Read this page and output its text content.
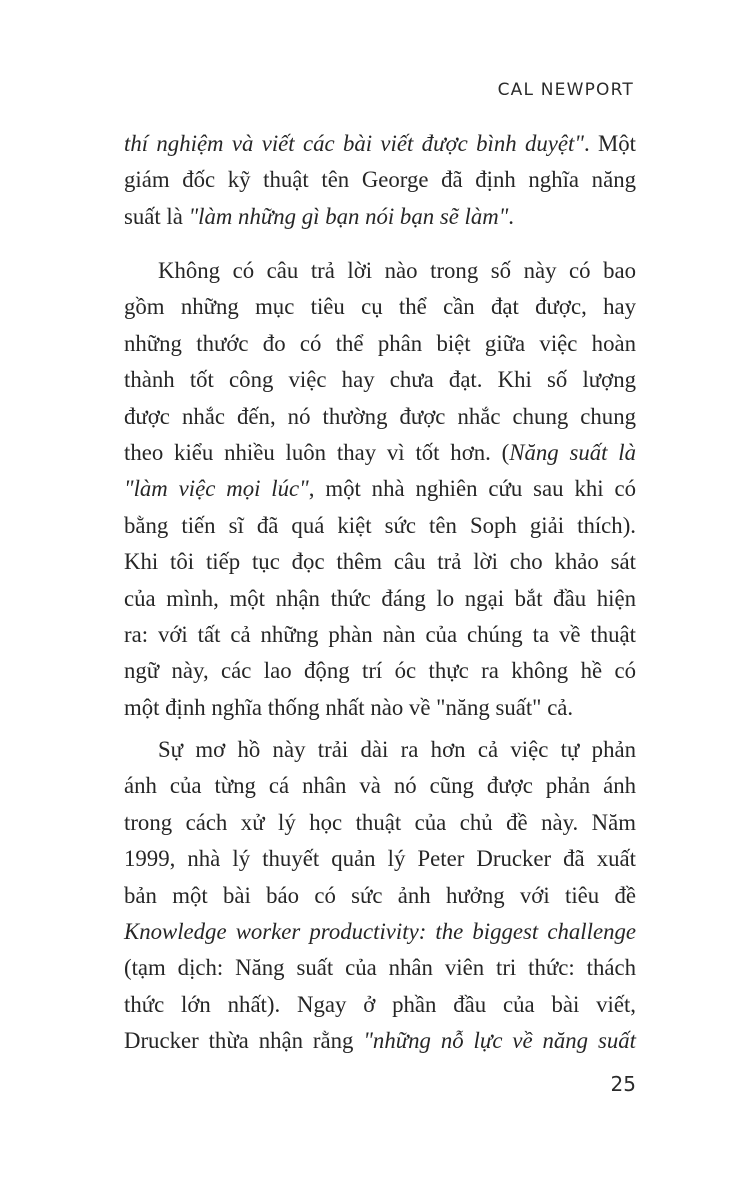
CAL NEWPORT
thí nghiệm và viết các bài viết được bình duyệt". Một
giám đốc kỹ thuật tên George đã định nghĩa năng
suất là "làm những gì bạn nói bạn sẽ làm".
Không có câu trả lời nào trong số này có bao
gồm những mục tiêu cụ thể cần đạt được, hay
những thước đo có thể phân biệt giữa việc hoàn
thành tốt công việc hay chưa đạt. Khi số lượng
được nhắc đến, nó thường được nhắc chung chung
theo kiểu nhiều luôn thay vì tốt hơn. (Năng suất là
"làm việc mọi lúc", một nhà nghiên cứu sau khi có
bằng tiến sĩ đã quá kiệt sức tên Soph giải thích).
Khi tôi tiếp tục đọc thêm câu trả lời cho khảo sát
của mình, một nhận thức đáng lo ngại bắt đầu hiện
ra: với tất cả những phàn nàn của chúng ta về thuật
ngữ này, các lao động trí óc thực ra không hề có
một định nghĩa thống nhất nào về "năng suất" cả.
Sự mơ hồ này trải dài ra hơn cả việc tự phản
ánh của từng cá nhân và nó cũng được phản ánh
trong cách xử lý học thuật của chủ đề này. Năm
1999, nhà lý thuyết quản lý Peter Drucker đã xuất
bản một bài báo có sức ảnh hưởng với tiêu đề
Knowledge worker productivity: the biggest challenge
(tạm dịch: Năng suất của nhân viên tri thức: thách
thức lớn nhất). Ngay ở phần đầu của bài viết,
Drucker thừa nhận rằng "những nỗ lực về năng suất
25
